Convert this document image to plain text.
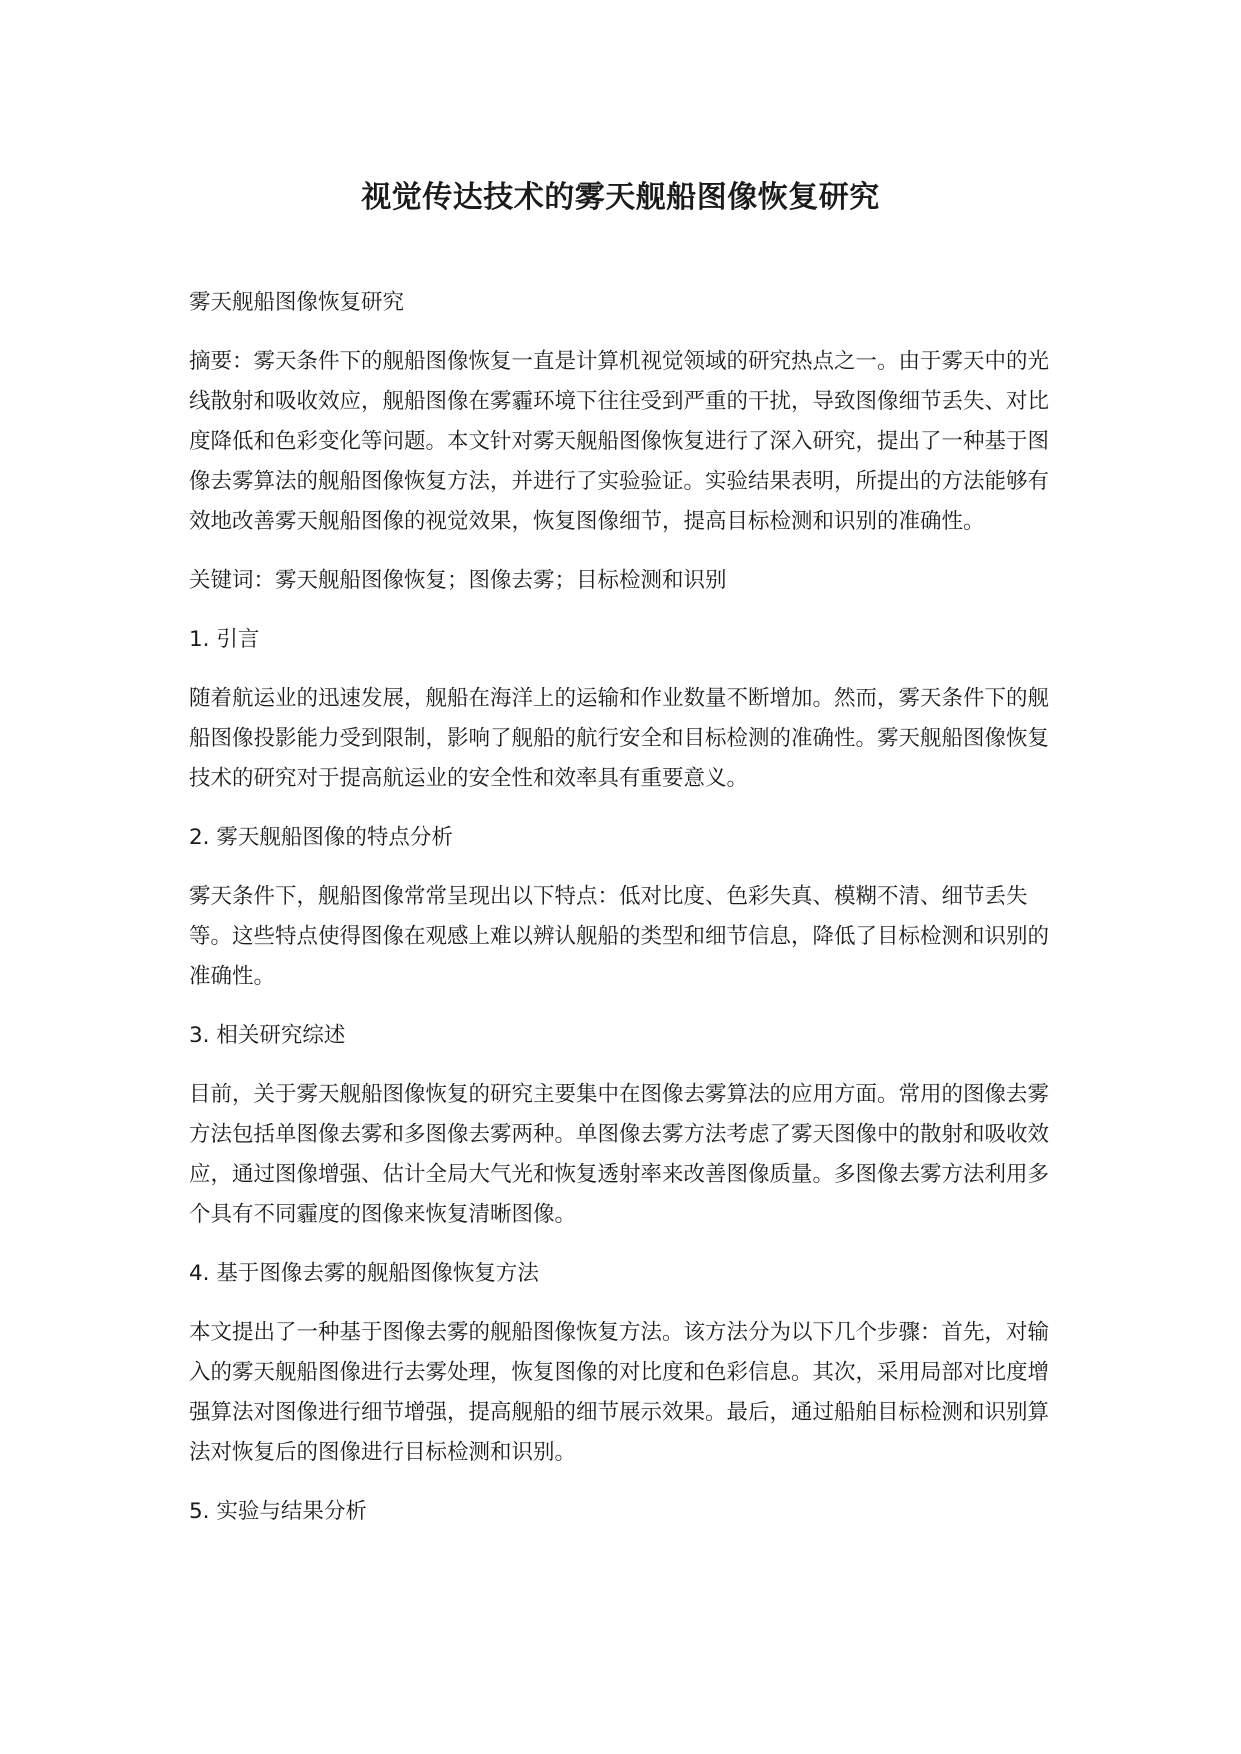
视觉传达技术的雾天舰船图像恢复研究

雾天舰船图像恢复研究

摘要：雾天条件下的舰船图像恢复一直是计算机视觉领域的研究热点之一。由于雾天中的光线散射和吸收效应，舰船图像在雾霾环境下往往受到严重的干扰，导致图像细节丢失、对比度降低和色彩变化等问题。本文针对雾天舰船图像恢复进行了深入研究，提出了一种基于图像去雾算法的舰船图像恢复方法，并进行了实验验证。实验结果表明，所提出的方法能够有效地改善雾天舰船图像的视觉效果，恢复图像细节，提高目标检测和识别的准确性。

关键词：雾天舰船图像恢复；图像去雾；目标检测和识别

1. 引言

随着航运业的迅速发展，舰船在海洋上的运输和作业数量不断增加。然而，雾天条件下的舰船图像投影能力受到限制，影响了舰船的航行安全和目标检测的准确性。雾天舰船图像恢复技术的研究对于提高航运业的安全性和效率具有重要意义。

2. 雾天舰船图像的特点分析

雾天条件下，舰船图像常常呈现出以下特点：低对比度、色彩失真、模糊不清、细节丢失等。这些特点使得图像在观感上难以辨认舰船的类型和细节信息，降低了目标检测和识别的准确性。

3. 相关研究综述

目前，关于雾天舰船图像恢复的研究主要集中在图像去雾算法的应用方面。常用的图像去雾方法包括单图像去雾和多图像去雾两种。单图像去雾方法考虑了雾天图像中的散射和吸收效应，通过图像增强、估计全局大气光和恢复透射率来改善图像质量。多图像去雾方法利用多个具有不同霾度的图像来恢复清晰图像。

4. 基于图像去雾的舰船图像恢复方法

本文提出了一种基于图像去雾的舰船图像恢复方法。该方法分为以下几个步骤：首先，对输入的雾天舰船图像进行去雾处理，恢复图像的对比度和色彩信息。其次，采用局部对比度增强算法对图像进行细节增强，提高舰船的细节展示效果。最后，通过船舶目标检测和识别算法对恢复后的图像进行目标检测和识别。

5. 实验与结果分析
